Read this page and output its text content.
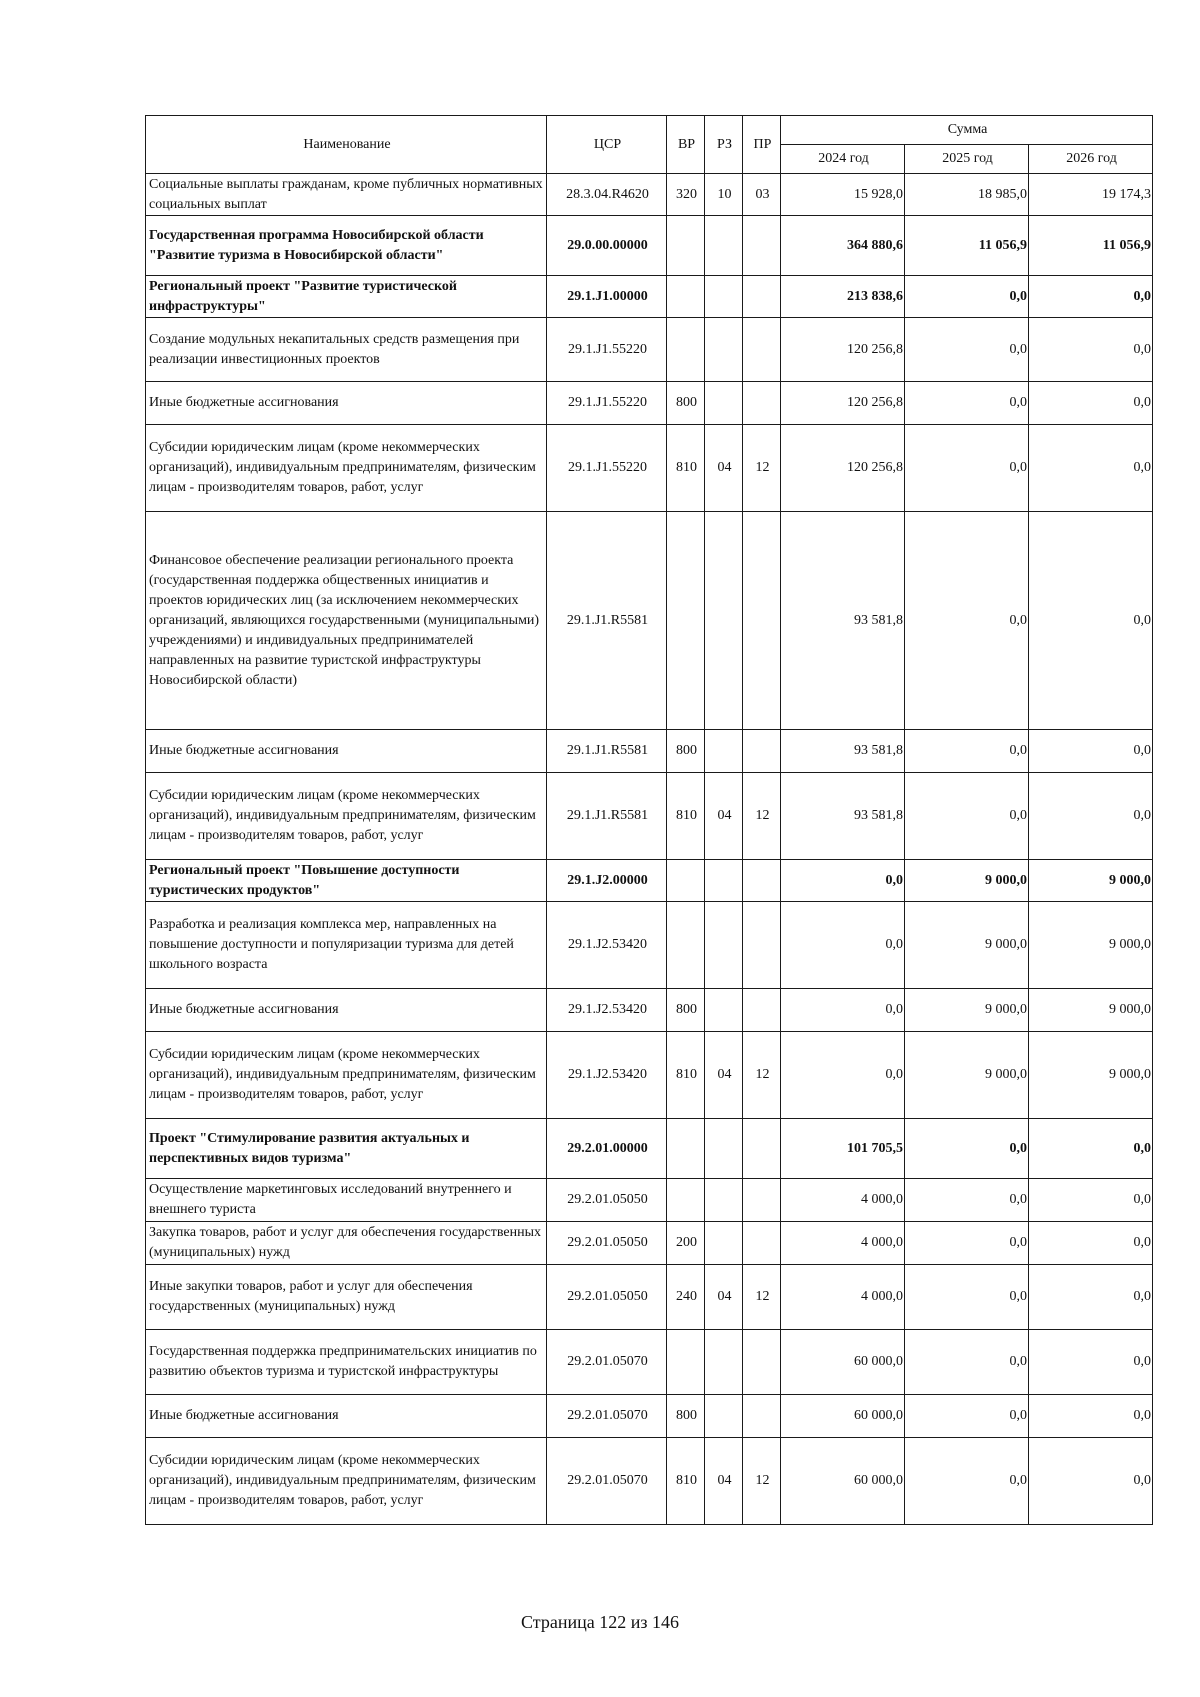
Наименование	ЦСР	ВР	РЗ	ПР	Сумма		
					2024 год	2025 год	2026 год
Социальные выплаты гражданам, кроме публичных нормативных социальных выплат	28.3.04.R4620	320	10	03	15 928,0	18 985,0	19 174,3
Государственная программа Новосибирской области "Развитие туризма в Новосибирской области"	29.0.00.00000				364 880,6	11 056,9	11 056,9
Региональный проект "Развитие туристической инфраструктуры"	29.1.J1.00000				213 838,6	0,0	0,0
Создание модульных некапитальных средств размещения при реализации инвестиционных проектов	29.1.J1.55220				120 256,8	0,0	0,0
Иные бюджетные ассигнования	29.1.J1.55220	800			120 256,8	0,0	0,0
Субсидии юридическим лицам (кроме некоммерческих организаций), индивидуальным предпринимателям, физическим лицам - производителям товаров, работ, услуг	29.1.J1.55220	810	04	12	120 256,8	0,0	0,0
Финансовое обеспечение реализации регионального проекта (государственная поддержка общественных инициатив и проектов юридических лиц (за исключением некоммерческих организаций, являющихся государственными (муниципальными) учреждениями) и индивидуальных предпринимателей направленных на развитие туристской инфраструктуры Новосибирской области)	29.1.J1.R5581				93 581,8	0,0	0,0
Иные бюджетные ассигнования	29.1.J1.R5581	800			93 581,8	0,0	0,0
Субсидии юридическим лицам (кроме некоммерческих организаций), индивидуальным предпринимателям, физическим лицам - производителям товаров, работ, услуг	29.1.J1.R5581	810	04	12	93 581,8	0,0	0,0
Региональный проект "Повышение доступности туристических продуктов"	29.1.J2.00000				0,0	9 000,0	9 000,0
Разработка и реализация комплекса мер, направленных на повышение доступности и популяризации туризма для детей школьного возраста	29.1.J2.53420				0,0	9 000,0	9 000,0
Иные бюджетные ассигнования	29.1.J2.53420	800			0,0	9 000,0	9 000,0
Субсидии юридическим лицам (кроме некоммерческих организаций), индивидуальным предпринимателям, физическим лицам - производителям товаров, работ, услуг	29.1.J2.53420	810	04	12	0,0	9 000,0	9 000,0
Проект "Стимулирование развития актуальных и перспективных видов туризма"	29.2.01.00000				101 705,5	0,0	0,0
Осуществление маркетинговых исследований внутреннего и внешнего туриста	29.2.01.05050				4 000,0	0,0	0,0
Закупка товаров, работ и услуг для обеспечения государственных (муниципальных) нужд	29.2.01.05050	200			4 000,0	0,0	0,0
Иные закупки товаров, работ и услуг для обеспечения государственных (муниципальных) нужд	29.2.01.05050	240	04	12	4 000,0	0,0	0,0
Государственная поддержка предпринимательских инициатив по развитию объектов туризма и туристской инфраструктуры	29.2.01.05070				60 000,0	0,0	0,0
Иные бюджетные ассигнования	29.2.01.05070	800			60 000,0	0,0	0,0
Субсидии юридическим лицам (кроме некоммерческих организаций), индивидуальным предпринимателям, физическим лицам - производителям товаров, работ, услуг	29.2.01.05070	810	04	12	60 000,0	0,0	0,0
Страница 122 из 146
